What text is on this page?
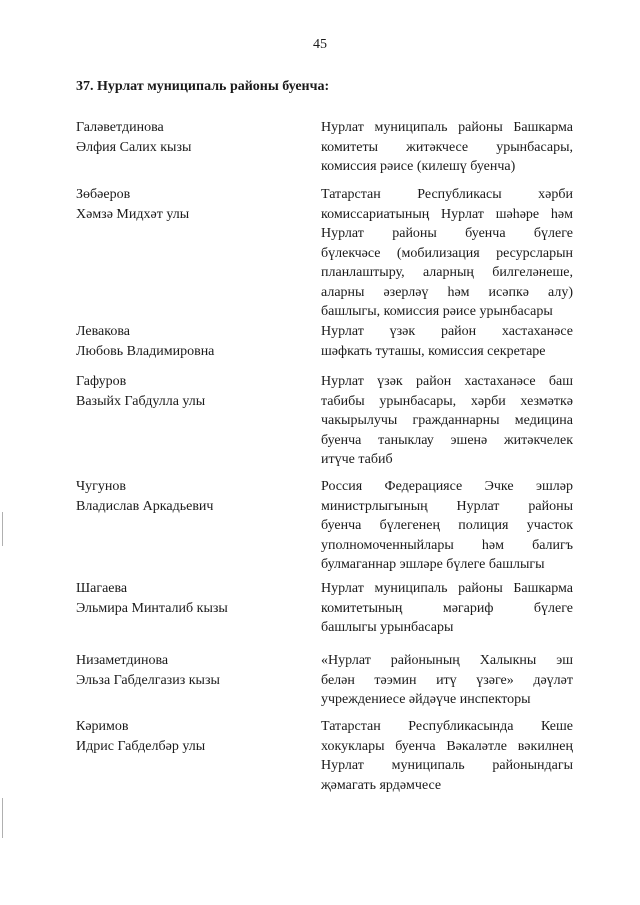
45
37. Нурлат муниципаль районы буенча:
Галәветдинова
Әлфия Салих кызы
Нурлат муниципаль районы Башкарма
комитеты житәкчесе урынбасары,
комиссия рәисе (килешү буенча)
Зөбәеров
Хәмзә Мидхәт улы
Татарстан Республикасы хәрби
комиссариатының Нурлат шәһәре һәм
Нурлат районы буенча бүлеге
бүлекчәсе (мобилизация ресурсларын
планлаштыру, аларның билгеләнеше,
аларны әзерләү һәм исәпкә алу)
башлыгы, комиссия рәисе урынбасары
Левакова
Любовь Владимировна
Нурлат үзәк район хастаханәсе
шәфкать туташы, комиссия секретаре
Гафуров
Вазыйх Габдулла улы
Нурлат үзәк район хастаханәсе баш
табибы урынбасары, хәрби хезмәткә
чакырылучы гражданнарны медицина
буенча таныклау эшенә житәкчелек
итүче табиб
Чугунов
Владислав Аркадьевич
Россия Федерациясе Эчке эшләр
министрлыгының Нурлат районы
буенча бүлегенең полиция участок
уполномоченныйлары һәм балигъ
булмаганнар эшләре бүлеге башлыгы
Шагаева
Эльмира Минталиб кызы
Нурлат муниципаль районы Башкарма
комитетының мәгариф бүлеге
башлыгы урынбасары
Низаметдинова
Эльза Габделгазиз кызы
«Нурлат районының Халыкны эш
белән тәэмин итү үзәге» дәүләт
учреждениесе әйдәүче инспекторы
Кәримов
Идрис Габделбәр улы
Татарстан Республикасында Кеше
хокуклары буенча Вәкаләтле вәкилнең
Нурлат муниципаль районындагы
җәмагать ярдәмчесе
